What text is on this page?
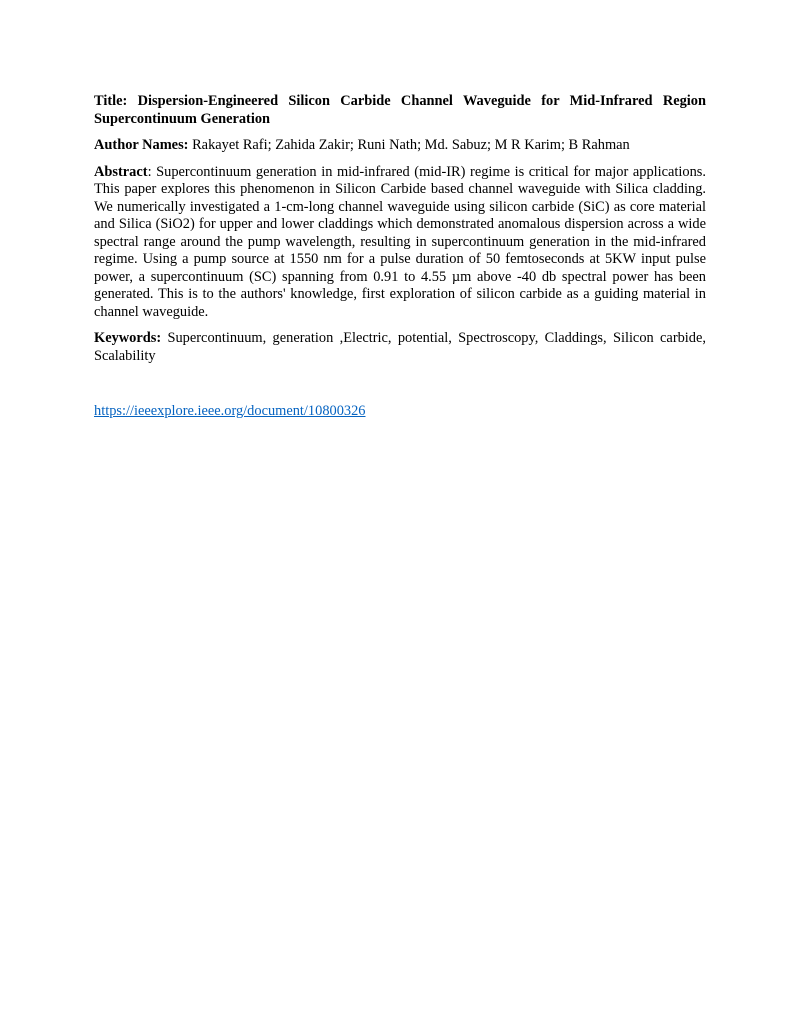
Title: Dispersion-Engineered Silicon Carbide Channel Waveguide for Mid-Infrared Region Supercontinuum Generation

Author Names: Rakayet Rafi; Zahida Zakir; Runi Nath; Md. Sabuz; M R Karim; B Rahman

Abstract: Supercontinuum generation in mid-infrared (mid-IR) regime is critical for major applications. This paper explores this phenomenon in Silicon Carbide based channel waveguide with Silica cladding. We numerically investigated a 1-cm-long channel waveguide using silicon carbide (SiC) as core material and Silica (SiO2) for upper and lower claddings which demonstrated anomalous dispersion across a wide spectral range around the pump wavelength, resulting in supercontinuum generation in the mid-infrared regime. Using a pump source at 1550 nm for a pulse duration of 50 femtoseconds at 5KW input pulse power, a supercontinuum (SC) spanning from 0.91 to 4.55 µm above -40 db spectral power has been generated. This is to the authors' knowledge, first exploration of silicon carbide as a guiding material in channel waveguide.

Keywords: Supercontinuum, generation ,Electric, potential, Spectroscopy, Claddings, Silicon carbide, Scalability

https://ieeexplore.ieee.org/document/10800326
